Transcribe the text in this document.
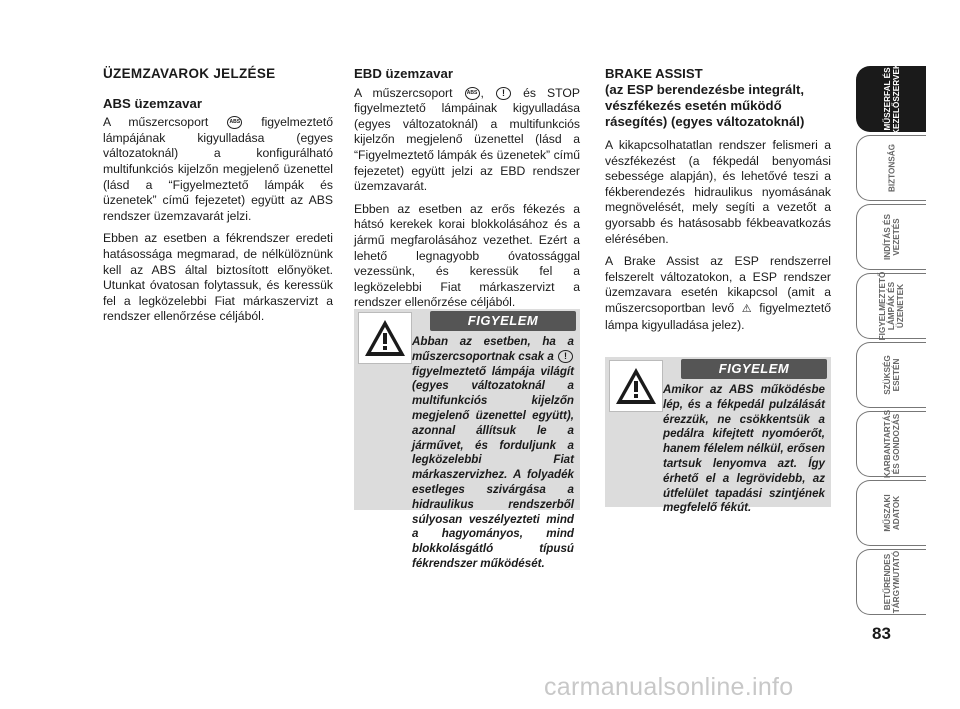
ÜZEMZAVAROK JELZÉSE
ABS üzemzavar

A műszercsoport	ABS figyelmeztető lámpájának kigyulladása (egyes változatoknál) a konfigurálható multifunkciós kijelzőn megjelenő üzenettel (lásd a “Figyelmeztető lámpák és üzenetek” című fejezetet) együtt az ABS rendszer üzemzavarát jelzi.

Ebben az esetben a fékrendszer eredeti hatásossága megmarad, de nélkülöznünk kell az ABS által biztosított előnyöket. Utunkat óvatosan folytassuk, és keressük fel a legközelebbi Fiat márkaszervizt a rendszer ellenőrzése céljából.

EBD üzemzavar

A műszercsoport	ABS , ! és STOP figyelmeztető lámpáinak kigyulladása (egyes változatoknál) a multifunkciós kijelzőn megjelenő üzenettel (lásd a “Figyelmeztető lámpák és üzenetek” című fejezetet) együtt jelzi az EBD rendszer üzemzavarát.

Ebben az esetben az erős fékezés a hátsó kerekek korai blokkolásához és a jármű megfarolásához vezethet. Ezért a lehető legnagyobb óvatossággal vezessünk, és keressük fel a legközelebbi Fiat márkaszervizt a rendszer ellenőrzése céljából.

FIGYELEM
Abban az esetben, ha a műszercsoportnak csak a ! figyelmeztető lámpája világít (egyes változatoknál a multifunkciós kijelzőn megjelenő üzenettel együtt), azonnal állítsuk le a járművet, és forduljunk a legközelebbi Fiat márkaszervizhez. A folyadék esetleges szivárgása a hidraulikus rendszerből súlyosan veszélyezteti mind a hagyományos, mind blokkolásgátló típusú fékrendszer működését.
BRAKE ASSIST
(az ESP berendezésbe integrált, vészfékezés esetén működő rásegítés) (egyes változatoknál)

A kikapcsolhatatlan rendszer felismeri a vészfékezést (a fékpedál benyomási sebessége alapján), és lehetővé teszi a fékberendezés hidraulikus nyomásának megnövelését, mely segíti a vezetőt a gyorsabb és hatásosabb fékbeavatkozás elérésében.

A Brake Assist az ESP rendszerrel felszerelt változatokon, a ESP rendszer üzemzavara esetén kikapcsol (amit a műszercsoportban levő ⚠ figyelmeztető lámpa kigyulladása jelez).

FIGYELEM
Amikor az ABS működésbe lép, és a fékpedál pulzálását érezzük, ne csökkentsük a pedálra kifejtett nyomóerőt, hanem félelem nélkül, erősen tartsuk lenyomva azt. Így érhető el a legrövidebb, az útfelület tapadási szintjének megfelelő fékút.
MŰSZERFAL ÉS
KEZELŐSZERVEK
BIZTONSÁG
INDÍTÁS ÉS
VEZETÉS
FIGYELMEZTETŐ
LÁMPÁK ÉS
ÜZENETEK
SZÜKSÉG
ESETÉN
KARBANTARTÁS
ÉS GONDOZÁS
MŰSZAKI
ADATOK
BETŰRENDES
TÁRGYMUTATÓ
83
carmanualsonline.info
